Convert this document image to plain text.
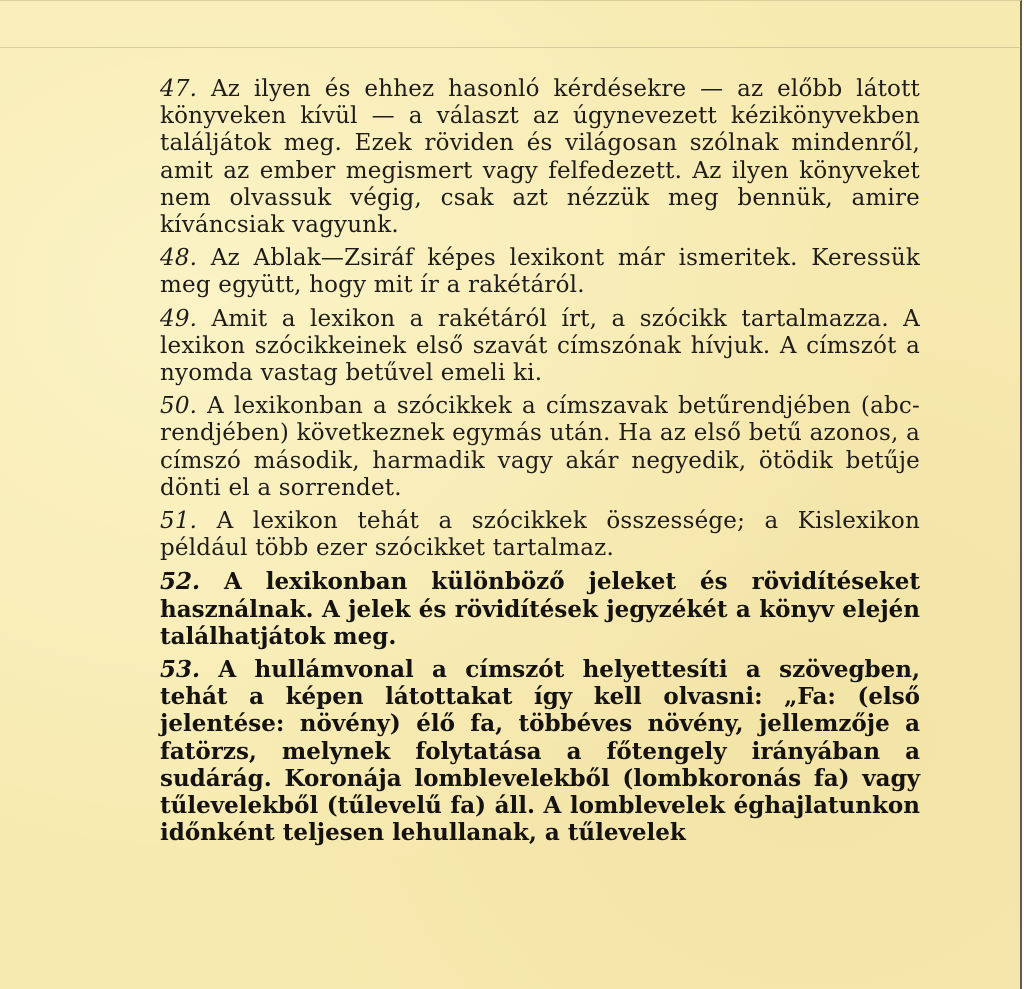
47. Az ilyen és ehhez hasonló kérdésekre — az előbb látott könyveken kívül — a választ az úgynevezett kézikönyvekben találjátok meg. Ezek röviden és világosan szólnak mindenről, amit az ember megismert vagy felfedezett. Az ilyen könyveket nem olvassuk végig, csak azt nézzük meg bennük, amire kíváncsiak vagyunk.

48. Az Ablak—Zsiráf képes lexikont már ismeritek. Keressük meg együtt, hogy mit ír a rakétáról.

49. Amit a lexikon a rakétáról írt, a szócikk tartalmazza. A lexikon szócikkeinek első szavát címszónak hívjuk. A címszót a nyomda vastag betűvel emeli ki.

50. A lexikonban a szócikkek a címszavak betűrendjében (abc-rendjében) következnek egymás után. Ha az első betű azonos, a címszó második, harmadik vagy akár negyedik, ötödik betűje dönti el a sorrendet.

51. A lexikon tehát a szócikkek összessége; a Kislexikon például több ezer szócikket tartalmaz.

52. A lexikonban különböző jeleket és rövidítéseket használnak. A jelek és rövidítések jegyzékét a könyv elején találhatjátok meg.

53. A hullámvonal a címszót helyettesíti a szövegben, tehát a képen látottakat így kell olvasni: „Fa: (első jelentése: növény) élő fa, többéves növény, jellemzője a fatörzs, melynek folytatása a főtengely irányában a sudárág. Koronája lomblevelekből (lombkoronás fa) vagy tűlevelekből (tűlevelű fa) áll. A lomblevelek éghajlatunkon időnként teljesen lehullanak, a tűlevelek
